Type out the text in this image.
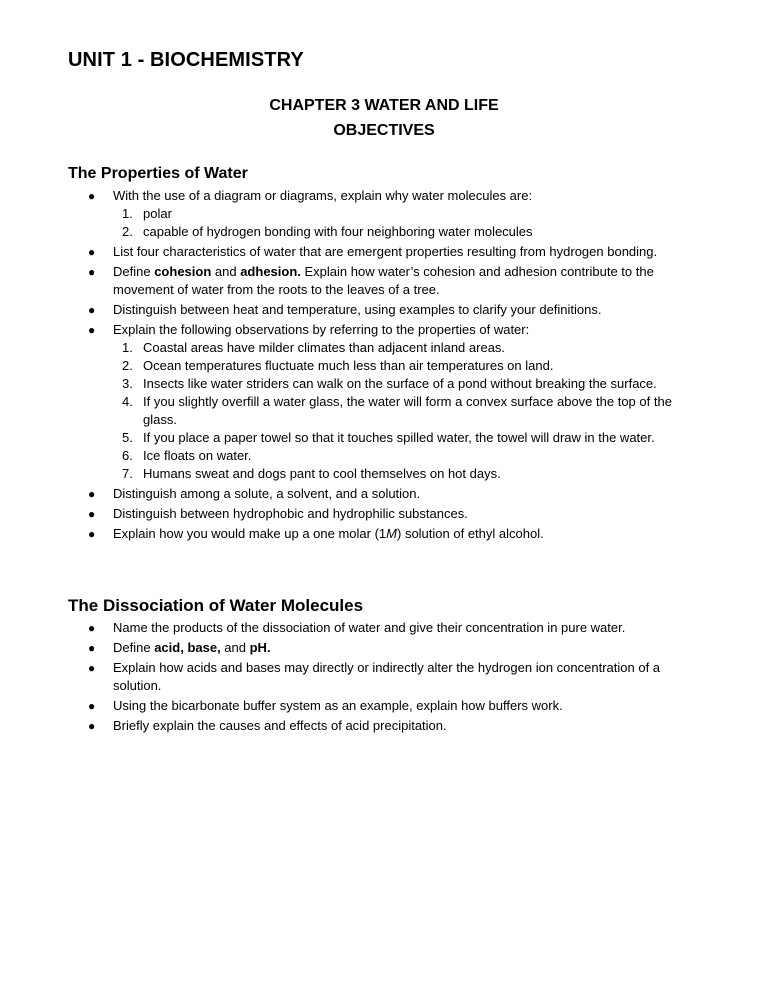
UNIT 1 - BIOCHEMISTRY
CHAPTER 3 WATER AND LIFE
OBJECTIVES
The Properties of Water
● With the use of a diagram or diagrams, explain why water molecules are:
1. polar
2. capable of hydrogen bonding with four neighboring water molecules
● List four characteristics of water that are emergent properties resulting from hydrogen bonding.
● Define cohesion and adhesion. Explain how water’s cohesion and adhesion contribute to the movement of water from the roots to the leaves of a tree.
● Distinguish between heat and temperature, using examples to clarify your definitions.
● Explain the following observations by referring to the properties of water:
1. Coastal areas have milder climates than adjacent inland areas.
2. Ocean temperatures fluctuate much less than air temperatures on land.
3. Insects like water striders can walk on the surface of a pond without breaking the surface.
4. If you slightly overfill a water glass, the water will form a convex surface above the top of the glass.
5. If you place a paper towel so that it touches spilled water, the towel will draw in the water.
6. Ice floats on water.
7. Humans sweat and dogs pant to cool themselves on hot days.
● Distinguish among a solute, a solvent, and a solution.
● Distinguish between hydrophobic and hydrophilic substances.
● Explain how you would make up a one molar (1M) solution of ethyl alcohol.
The Dissociation of Water Molecules
● Name the products of the dissociation of water and give their concentration in pure water.
● Define acid, base, and pH.
● Explain how acids and bases may directly or indirectly alter the hydrogen ion concentration of a solution.
● Using the bicarbonate buffer system as an example, explain how buffers work.
● Briefly explain the causes and effects of acid precipitation.
